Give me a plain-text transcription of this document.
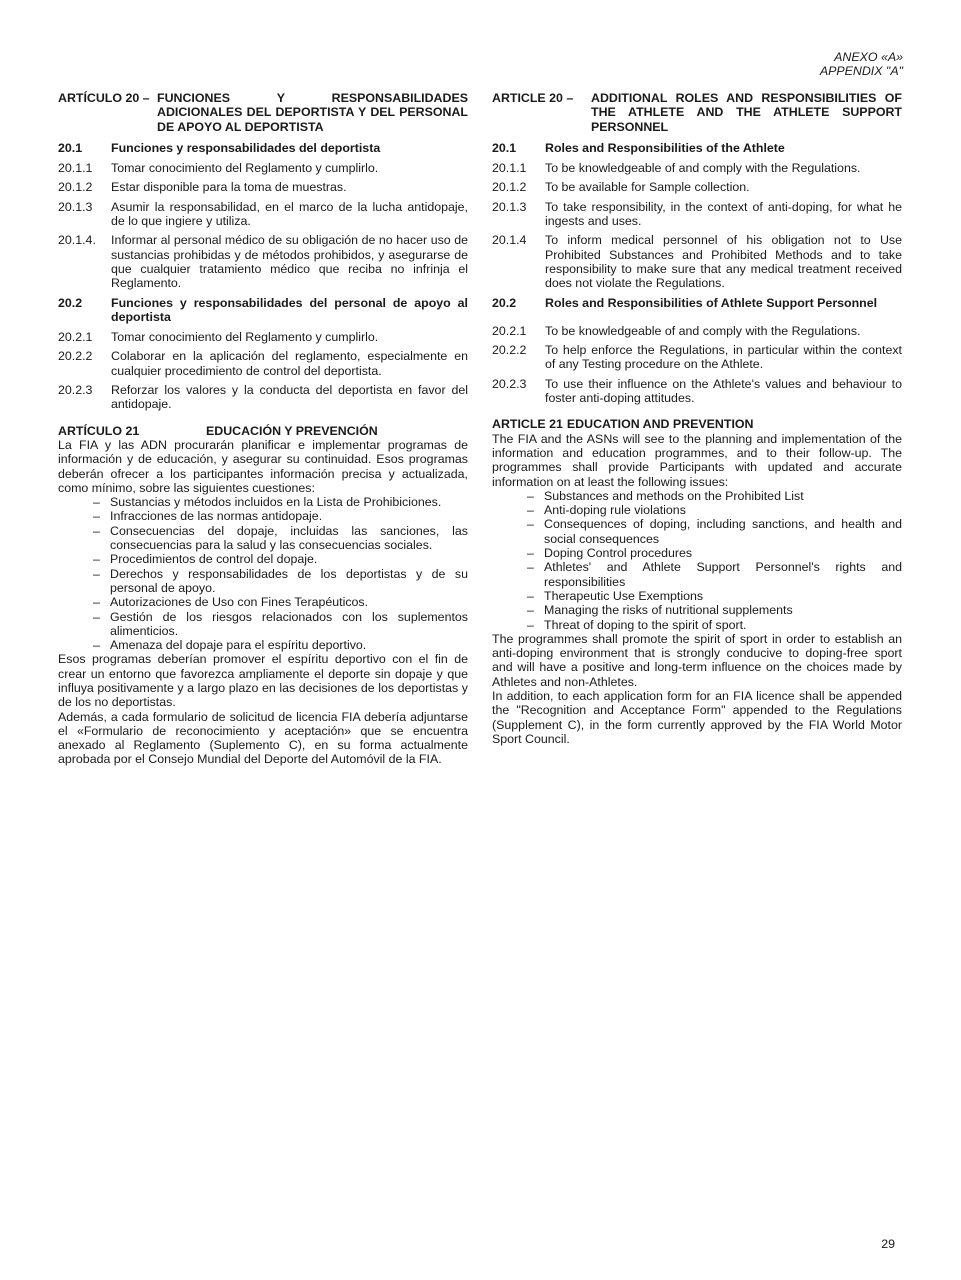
ANEXO «A»
APPENDIX "A"
ARTÍCULO 20 – FUNCIONES Y RESPONSABILIDADES ADICIONALES DEL DEPORTISTA Y DEL PERSONAL DE APOYO AL DEPORTISTA
20.1	Funciones y responsabilidades del deportista
20.1.1	Tomar conocimiento del Reglamento y cumplirlo.
20.1.2	Estar disponible para la toma de muestras.
20.1.3	Asumir la responsabilidad, en el marco de la lucha antidopaje, de lo que ingiere y utiliza.
20.1.4.	Informar al personal médico de su obligación de no hacer uso de sustancias prohibidas y de métodos prohibidos, y asegurarse de que cualquier tratamiento médico que reciba no infrinja el Reglamento.
20.2	Funciones y responsabilidades del personal de apoyo al deportista
20.2.1	Tomar conocimiento del Reglamento y cumplirlo.
20.2.2	Colaborar en la aplicación del reglamento, especialmente en cualquier procedimiento de control del deportista.
20.2.3	Reforzar los valores y la conducta del deportista en favor del antidopaje.
ARTÍCULO 21	EDUCACIÓN Y PREVENCIÓN

La FIA y las ADN procurarán planificar e implementar programas de información y de educación, y asegurar su continuidad. Esos programas deberán ofrecer a los participantes información precisa y actualizada, como mínimo, sobre las siguientes cuestiones:

– Sustancias y métodos incluidos en la Lista de Prohibiciones.
– Infracciones de las normas antidopaje.
– Consecuencias del dopaje, incluidas las sanciones, las consecuencias para la salud y las consecuencias sociales.
– Procedimientos de control del dopaje.
– Derechos y responsabilidades de los deportistas y de su personal de apoyo.
– Autorizaciones de Uso con Fines Terapéuticos.
– Gestión de los riesgos relacionados con los suplementos alimenticios.
– Amenaza del dopaje para el espíritu deportivo.

Esos programas deberían promover el espíritu deportivo con el fin de crear un entorno que favorezca ampliamente el deporte sin dopaje y que influya positivamente y a largo plazo en las decisiones de los deportistas y de los no deportistas.

Además, a cada formulario de solicitud de licencia FIA debería adjuntarse el «Formulario de reconocimiento y aceptación» que se encuentra anexado al Reglamento (Suplemento C), en su forma actualmente aprobada por el Consejo Mundial del Deporte del Automóvil de la FIA.

ARTICLE 20 –	ADDITIONAL ROLES AND RESPONSIBILITIES OF THE ATHLETE AND THE ATHLETE SUPPORT PERSONNEL
20.1	Roles and Responsibilities of the Athlete
20.1.1	To be knowledgeable of and comply with the Regulations.
20.1.2	To be available for Sample collection.
20.1.3	To take responsibility, in the context of anti-doping, for what he ingests and uses.
20.1.4	To inform medical personnel of his obligation not to Use Prohibited Substances and Prohibited Methods and to take responsibility to make sure that any medical treatment received does not violate the Regulations.
20.2	Roles and Responsibilities of Athlete Support Personnel
20.2.1	To be knowledgeable of and comply with the Regulations.
20.2.2	To help enforce the Regulations, in particular within the context of any Testing procedure on the Athlete.
20.2.3	To use their influence on the Athlete's values and behaviour to foster anti-doping attitudes.
ARTICLE 21 EDUCATION AND PREVENTION

The FIA and the ASNs will see to the planning and implementation of the information and education programmes, and to their follow-up. The programmes shall provide Participants with updated and accurate information on at least the following issues:

– Substances and methods on the Prohibited List
– Anti-doping rule violations
– Consequences of doping, including sanctions, and health and social consequences
– Doping Control procedures
– Athletes' and Athlete Support Personnel's rights and responsibilities
– Therapeutic Use Exemptions
– Managing the risks of nutritional supplements
– Threat of doping to the spirit of sport.

The programmes shall promote the spirit of sport in order to establish an anti-doping environment that is strongly conducive to doping-free sport and will have a positive and long-term influence on the choices made by Athletes and non-Athletes.

In addition, to each application form for an FIA licence shall be appended the "Recognition and Acceptance Form" appended to the Regulations (Supplement C), in the form currently approved by the FIA World Motor Sport Council.

29
